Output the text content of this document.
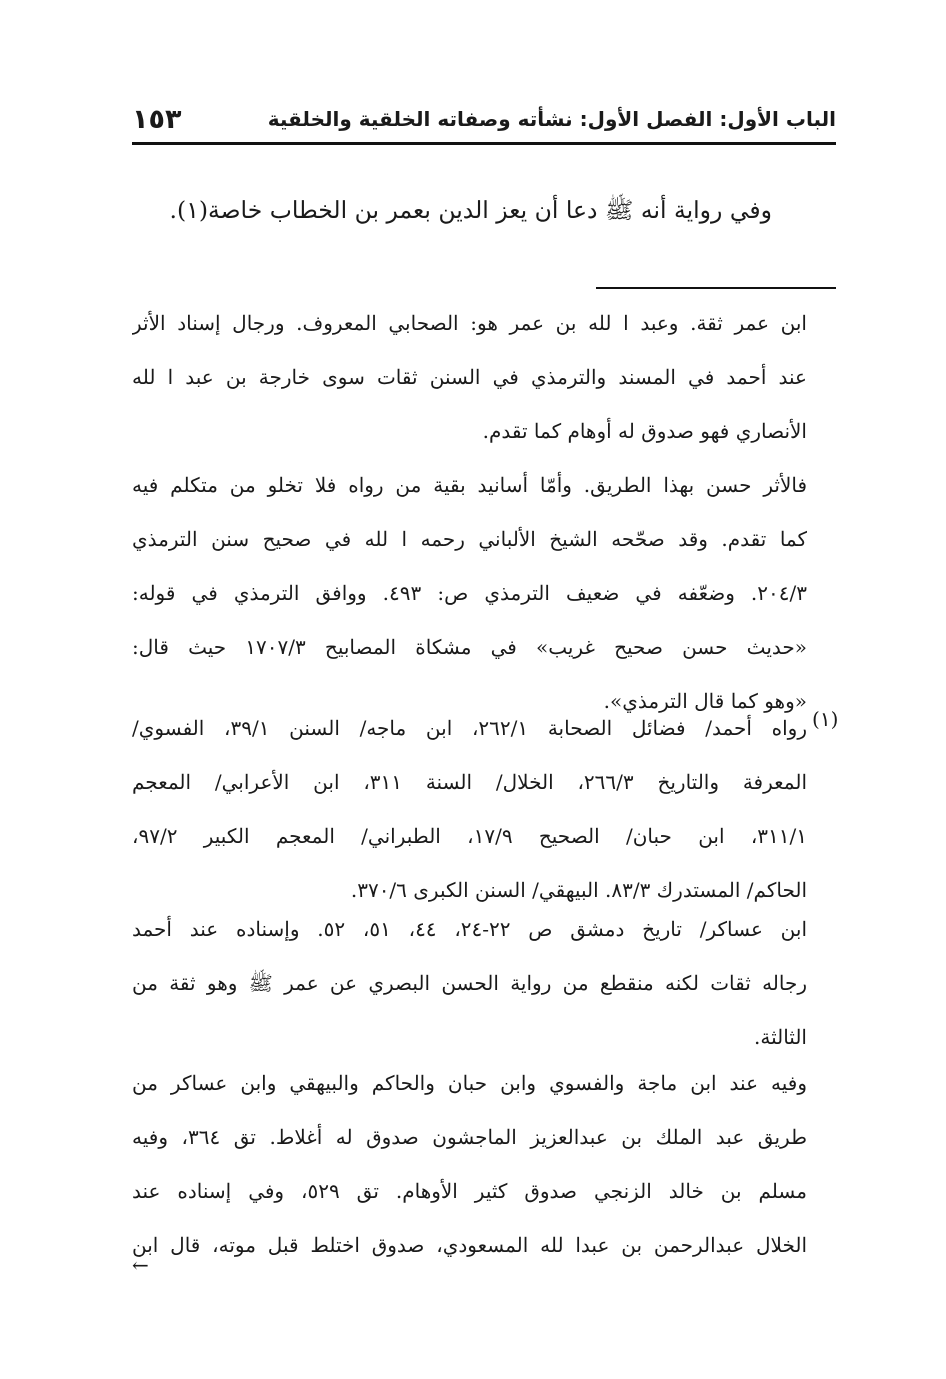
الباب الأول: الفصل الأول: نشأته وصفاته الخلقية والخلقية
١٥٣
وفي رواية أنه ﷺ دعا أن يعز الدين بعمر بن الخطاب خاصة(١).
ابن عمر ثقة. وعبد ا لله بن عمر هو: الصحابي المعروف. ورجال إسناد الأثر
عند أحمد في المسند والترمذي في السنن ثقات سوى خارجة بن عبد ا لله
الأنصاري فهو صدوق له أوهام كما تقدم.
فالأثر حسن بهذا الطريق. وأمّا أسانيد بقية من رواه فلا تخلو من متكلم فيه
كما تقدم. وقد صحّحه الشيخ الألباني رحمه ا لله في صحيح سنن الترمذي
٢٠٤/٣. وضعّفه في ضعيف الترمذي ص: ٤٩٣. ووافق الترمذي في قوله:
«حديث حسن صحيح غريب» في مشكاة المصابيح ١٧٠٧/٣ حيث قال:
«وهو كما قال الترمذي».
(١)
رواه أحمد/ فضائل الصحابة ٢٦٢/١، ابن ماجه/ السنن ٣٩/١، الفسوي/
المعرفة والتاريخ ٢٦٦/٣، الخلال/ السنة ٣١١، ابن الأعرابي/ المعجم
٣١١/١، ابن حبان/ الصحيح ١٧/٩، الطبراني/ المعجم الكبير ٩٧/٢،
الحاكم/ المستدرك ٨٣/٣. البيهقي/ السنن الكبرى ٣٧٠/٦.
ابن عساكر/ تاريخ دمشق ص ٢٢-٢٤، ٤٤، ٥١، ٥٢. وإسناده عند أحمد
رجاله ثقات لكنه منقطع من رواية الحسن البصري عن عمر ﷺ وهو ثقة من
الثالثة.
وفيه عند ابن ماجة والفسوي وابن حبان والحاكم والبيهقي وابن عساكر من
طريق عبد الملك بن عبدالعزيز الماجشون صدوق له أغلاط. تق ٣٦٤، وفيه
مسلم بن خالد الزنجي صدوق كثير الأوهام. تق ٥٢٩، وفي إسناده عند
الخلال عبدالرحمن بن عبدا لله المسعودي، صدوق اختلط قبل موته، قال ابن
←
